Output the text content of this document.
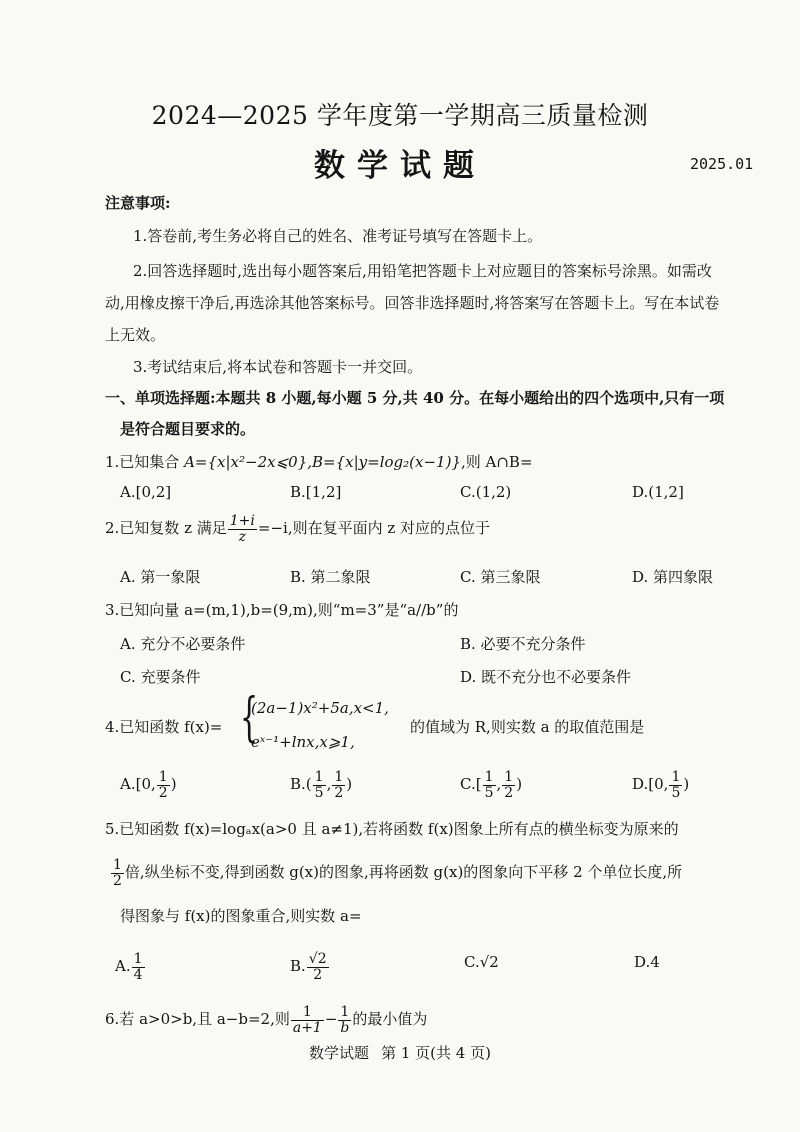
2024—2025 学年度第一学期高三质量检测
数学试题	2025.01
注意事项:
1.答卷前,考生务必将自己的姓名、准考证号填写在答题卡上。
2.回答选择题时,选出每小题答案后,用铅笔把答题卡上对应题目的答案标号涂黑。如需改
动,用橡皮擦干净后,再选涂其他答案标号。回答非选择题时,将答案写在答题卡上。写在本试卷
上无效。
3.考试结束后,将本试卷和答题卡一并交回。
一、单项选择题:本题共 8 小题,每小题 5 分,共 40 分。在每小题给出的四个选项中,只有一项
是符合题目要求的。
1.已知集合 A={x|x²−2x⩽0},B={x|y=log₂(x−1)},则 A∩B=
A.[0,2]	B.[1,2]	C.(1,2)	D.(1,2]
2.已知复数 z 满足 $\frac{1+i}{z} =-i$,则在复平面内 z 对应的点位于
A. 第一象限	B. 第二象限	C. 第三象限	D. 第四象限
3.已知向量 a=(m,1),b=(9,m),则“m=3”是“a//b”的
A. 充分不必要条件	B. 必要不充分条件
C. 充要条件	D. 既不充分也不必要条件
4.已知函数 f(x)= {
(2a−1)x²+5a,x<1,
eˣ⁻¹+lnx,x⩾1,
的值域为 R,则实数 a 的取值范围是
A.[0, $\frac{1}{2}$ )	$B.( \frac{1}{5}$ , $\frac{1}{2}$ )	$C.[ \frac{1}{5}$ , $\frac{1}{2}$ )	D.[0, $\frac{1}{5}$ )
5.已知函数 f(x)=logₐx(a>0 且 a≠1),若将函数 f(x)图象上所有点的横坐标变为原来的
$\frac{1}{2}$ 倍,纵坐标不变,得到函数 g(x)的图象,再将函数 g(x)的图象向下平移 2 个单位长度,所
得图象与 f(x)的图象重合,则实数 a=
A. $\frac{1}{4}$	B. $\frac{√2}{2}$	C.√2	D.4
6.若 a>0>b,且 a−b=2,则 $\frac{1}{a+1} - \frac{1}{b}$ 的最小值为
数学试题 第 1 页(共 4 页)
